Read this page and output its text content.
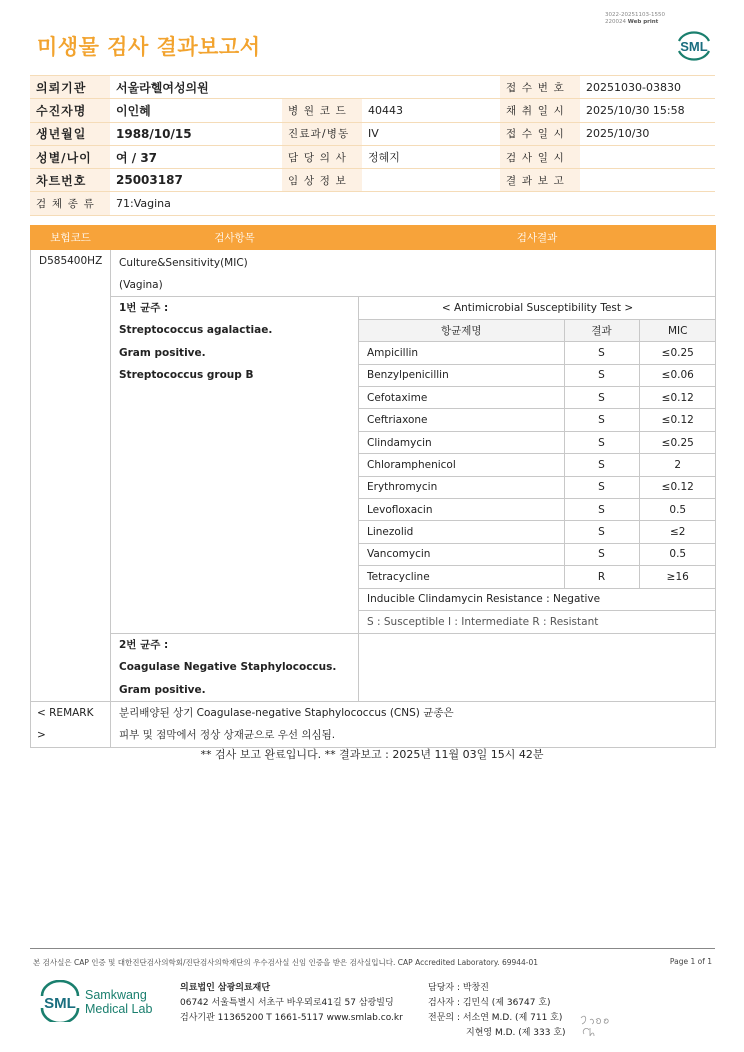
3022-20251103-1550
220024 Web print
미생물 검사 결과보고서	SML
의뢰기관	서울라헬여성의원			접 수 번 호	20251030-03830
수진자명	이인혜	병 원 코 드	40443	채 취 일 시	2025/10/30 15:58
생년월일	1988/10/15	진료과/병동	IV	접 수 일 시	2025/10/30
성별/나이	여 / 37	담 당 의 사	정혜지	검 사 일 시	
차트번호	25003187	임 상 정 보		결 과 보 고	
검 체 종 류	71:Vagina				
보험코드	검사항목	검사결과
D585400HZ	Culture&Sensitivity(MIC)
(Vagina)

1번 균주 :
Streptococcus agalactiae.
Gram positive.
Streptococcus group B

< Antimicrobial Susceptibility Test >
항균제명	결과	MIC
Ampicillin	S	≤0.25
Benzylpenicillin	S	≤0.06
Cefotaxime	S	≤0.12
Ceftriaxone	S	≤0.12
Clindamycin	S	≤0.25
Chloramphenicol	S	2
Erythromycin	S	≤0.12
Levofloxacin	S	0.5
Linezolid	S	≤2
Vancomycin	S	0.5
Tetracycline	R	≥16
Inducible Clindamycin Resistance : Negative
S : Susceptible I : Intermediate R : Resistant

2번 균주 :
Coagulase Negative Staphylococcus.
Gram positive.

< REMARK >

분리배양된 상기 Coagulase-negative Staphylococcus (CNS) 균종은
피부 및 점막에서 정상 상재균으로 우선 의심됨.
** 검사 보고 완료입니다. ** 결과보고 : 2025년 11월 03일 15시 42분
본 검사실은 CAP 인증 및 대한진단검사의학회/진단검사의학재단의 우수검사실 신임 인증을 받은 검사실입니다. CAP Accredited Laboratory. 69944-01	Page 1 of 1
SML Samkwang
Medical Lab
의료법인 삼광의료재단
06742 서울특별시 서초구 바우뫼로41길 57 삼광빌딩
검사기관 11365200 T 1661-5117 www.smlab.co.kr
담당자 : 박창진
검사자 : 김민식 (제 36747 호)
전문의 : 서소연 M.D. (제 711 호)
지현영 M.D. (제 333 호)
